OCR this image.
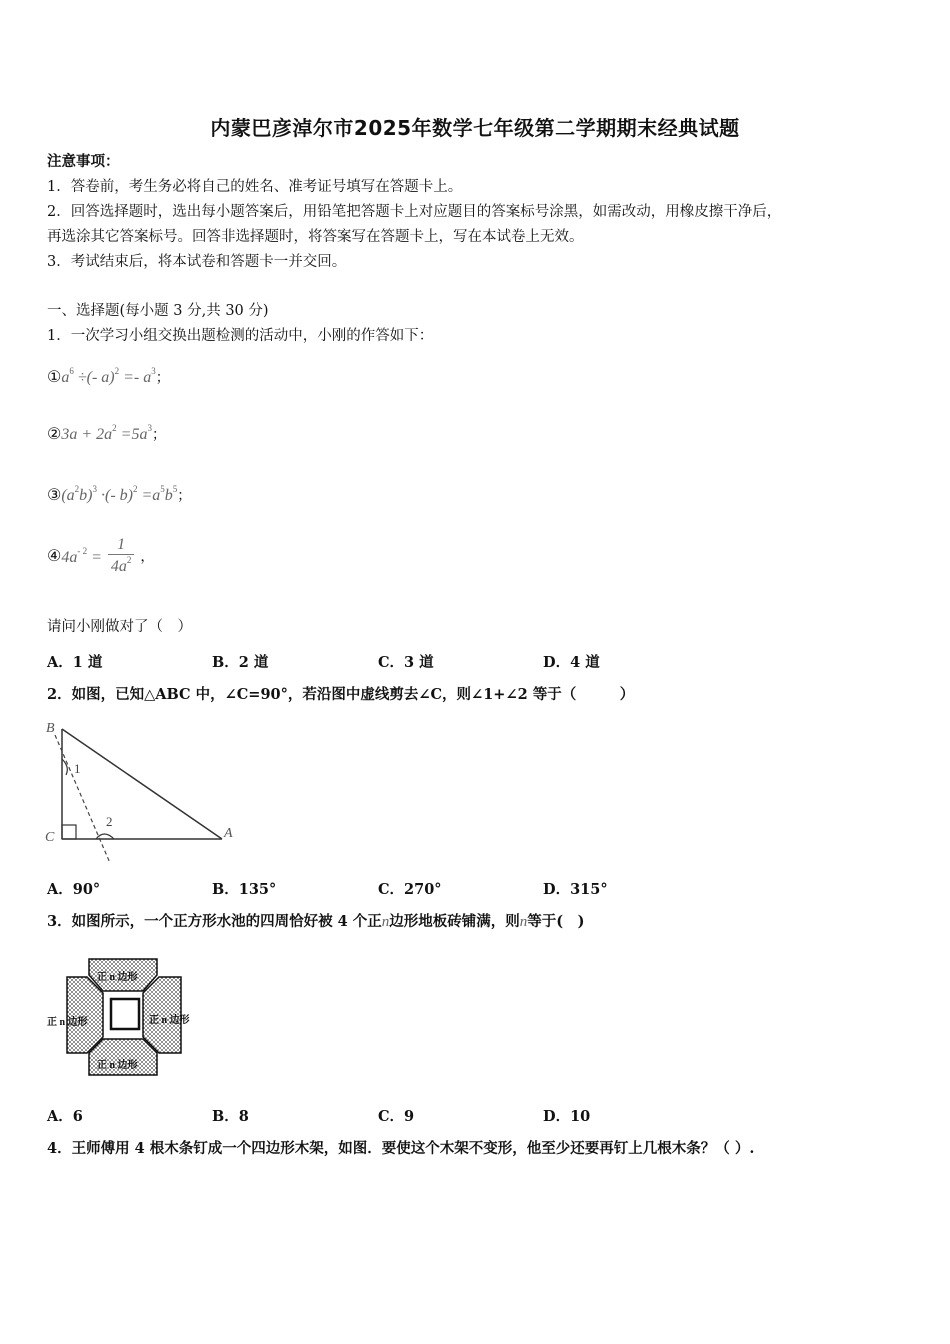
内蒙巴彦淖尔市2025年数学七年级第二学期期末经典试题
注意事项：
1．答卷前，考生务必将自己的姓名、准考证号填写在答题卡上。
2．回答选择题时，选出每小题答案后，用铅笔把答题卡上对应题目的答案标号涂黑，如需改动，用橡皮擦干净后，
再选涂其它答案标号。回答非选择题时，将答案写在答题卡上，写在本试卷上无效。
3．考试结束后，将本试卷和答题卡一并交回。
一、选择题(每小题 3 分,共 30 分)
1．一次学习小组交换出题检测的活动中，小刚的作答如下：
$①a^6$ ÷(- $a)^2 =- a^3$；
②3a + $2a^2 =5a^3$；
$③(a^2b)^3$ ·(- $b)^2 =a^5b^5$；
$④4a^{- 2} = \frac{1}{4a^2}$ ，
请问小刚做对了（　）
A．1 道	B．2 道	C．3 道	D．4 道
2．如图，已知△ABC 中，∠C=90°，若沿图中虚线剪去∠C，则∠1+∠2 等于（　　　）
B
C	A
1
2
A．90°	B．135°	C．270°	D．315°
3．如图所示，一个正方形水池的四周恰好被 4 个正n边形地板砖铺满，则n等于(　)
正 n 边形
正 n 边形	正 n 边形
正 n 边形
A．6	B．8	C．9	D．10
4．王师傅用 4 根木条钉成一个四边形木架，如图．要使这个木架不变形，他至少还要再钉上几根木条？（ ）.
